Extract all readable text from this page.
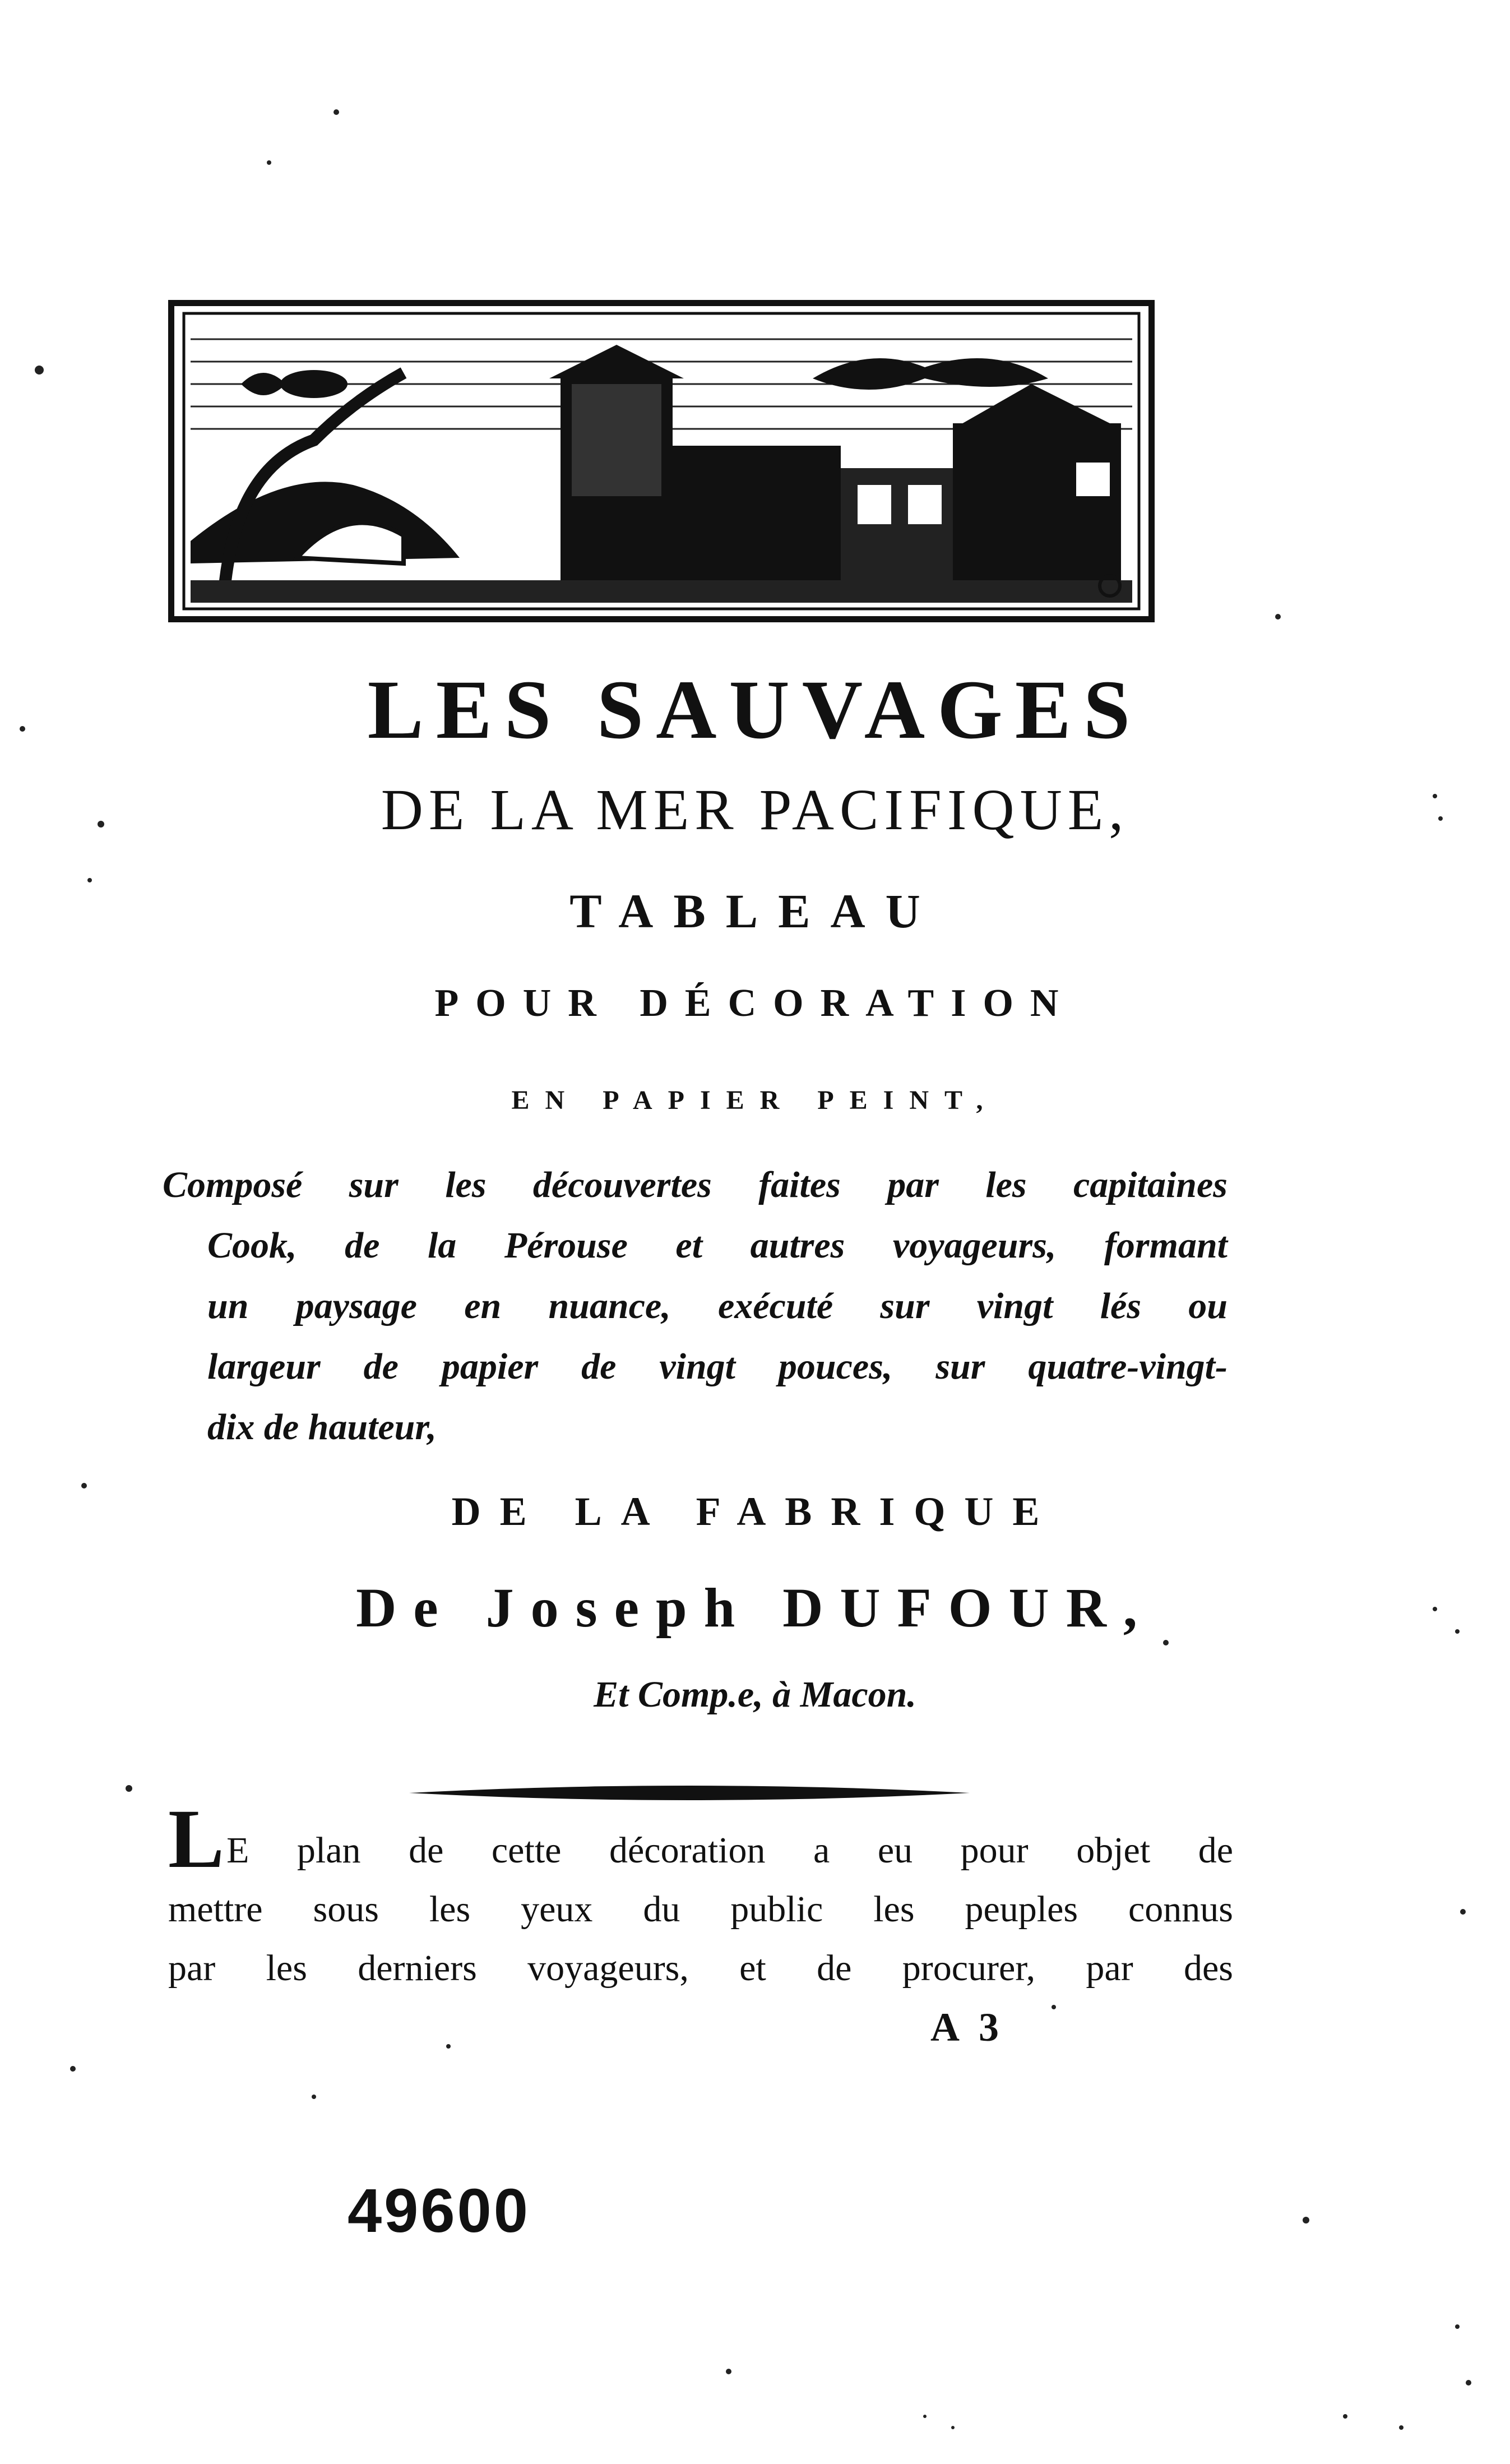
LES SAUVAGES
DE LA MER PACIFIQUE,
TABLEAU
POUR DÉCORATION
EN PAPIER PEINT,
Composé sur les découvertes faites par les capitaines
Cook, de la Pérouse et autres voyageurs, formant
un paysage en nuance, exécuté sur vingt lés ou
largeur de papier de vingt pouces, sur quatre-vingt-
dix de hauteur,
DE LA FABRIQUE
De Joseph DUFOUR,
Et Comp.e, à Macon.
LE plan de cette décoration a eu pour objet de
mettre sous les yeux du public les peuples connus
par les derniers voyageurs, et de procurer, par des
A 3
49600
